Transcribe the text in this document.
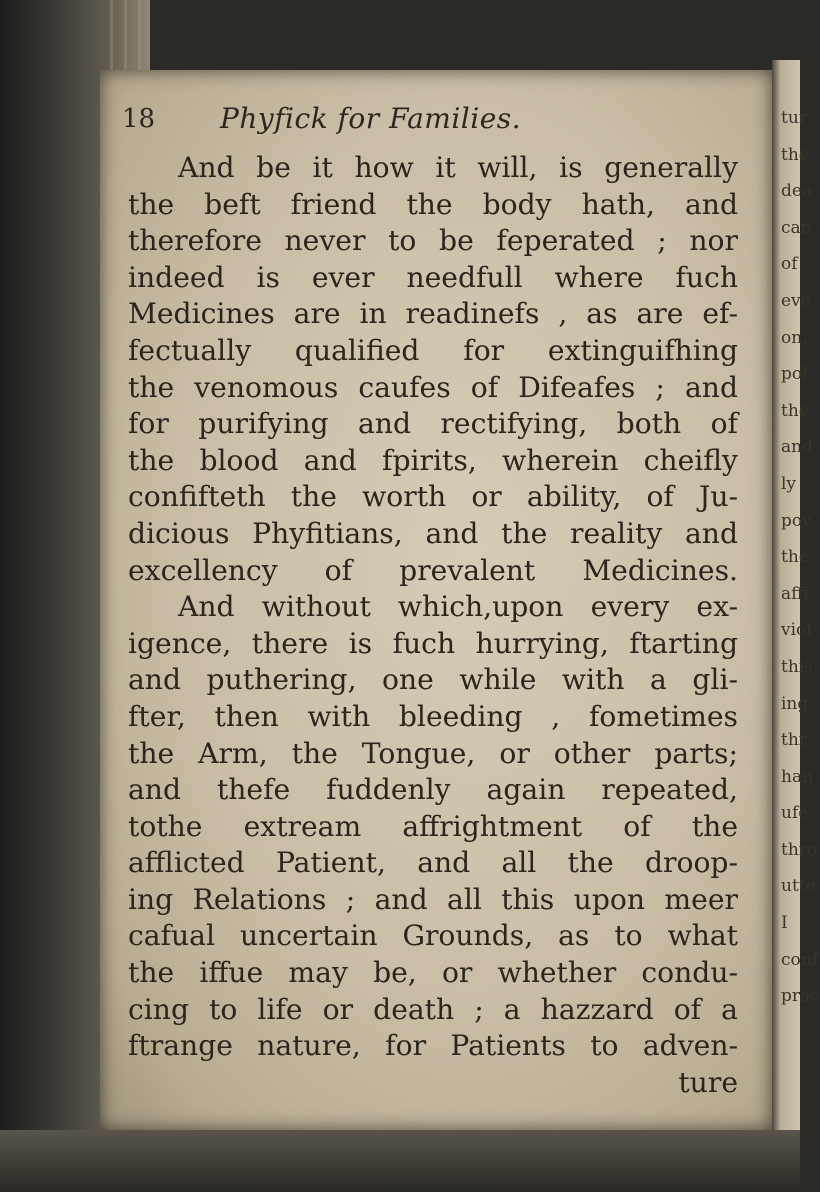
tur
the
dea
can
of
eve
on,
pol
the
and
ly
pov
the
affi
viol
this
ing
thr
han
ufe
thro
utte
I
conf
prac
18 Phyfick for Families.
And be it how it will, is generally
the beft friend the body hath, and
therefore never to be feperated ; nor
indeed is ever needfull where fuch
Medicines are in readinefs , as are ef-
fectually qualified for extinguifhing
the venomous caufes of Difeafes ; and
for purifying and rectifying, both of
the blood and fpirits, wherein cheifly
confifteth the worth or ability, of Ju-
dicious Phyfitians, and the reality and
excellency of prevalent Medicines.
And without which,upon every ex-
igence, there is fuch hurrying, ftarting
and puthering, one while with a gli-
fter, then with bleeding , fometimes
the Arm, the Tongue, or other parts;
and thefe fuddenly again repeated,
tothe extream affrightment of the
afflicted Patient, and all the droop-
ing Relations ; and all this upon meer
cafual uncertain Grounds, as to what
the iffue may be, or whether condu-
cing to life or death ; a hazzard of a
ftrange nature, for Patients to adven-
ture
